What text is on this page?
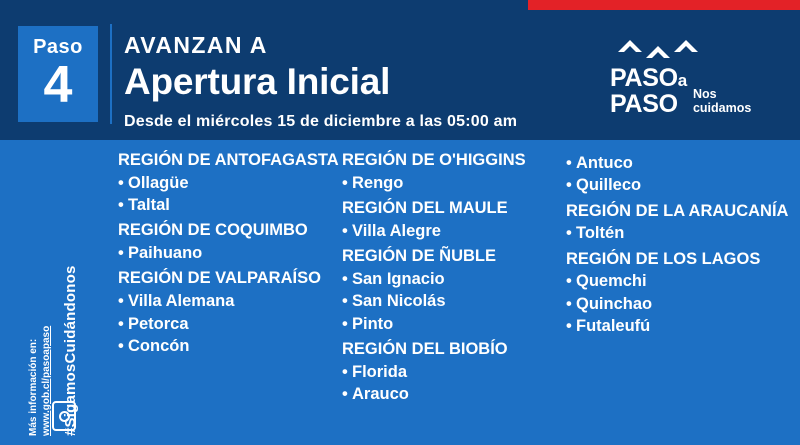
Paso
4
AVANZAN A
Apertura Inicial
Desde el miércoles 15 de diciembre a las 05:00 am
PASOa
PASO	Nos
cuidamos
Más información en: www.gob.cl/pasoapaso #SigamosCuidándonos
REGIÓN DE ANTOFAGASTA
• Ollagüe
• Taltal
REGIÓN DE COQUIMBO
• Paihuano
REGIÓN DE VALPARAÍSO
• Villa Alemana
• Petorca
• Concón
REGIÓN DE O'HIGGINS
• Rengo
REGIÓN DEL MAULE
• Villa Alegre
REGIÓN DE ÑUBLE
• San Ignacio
• San Nicolás
• Pinto
REGIÓN DEL BIOBÍO
• Florida
• Arauco
• Antuco
• Quilleco
REGIÓN DE LA ARAUCANÍA
• Toltén
REGIÓN DE LOS LAGOS
• Quemchi
• Quinchao
• Futaleufú
